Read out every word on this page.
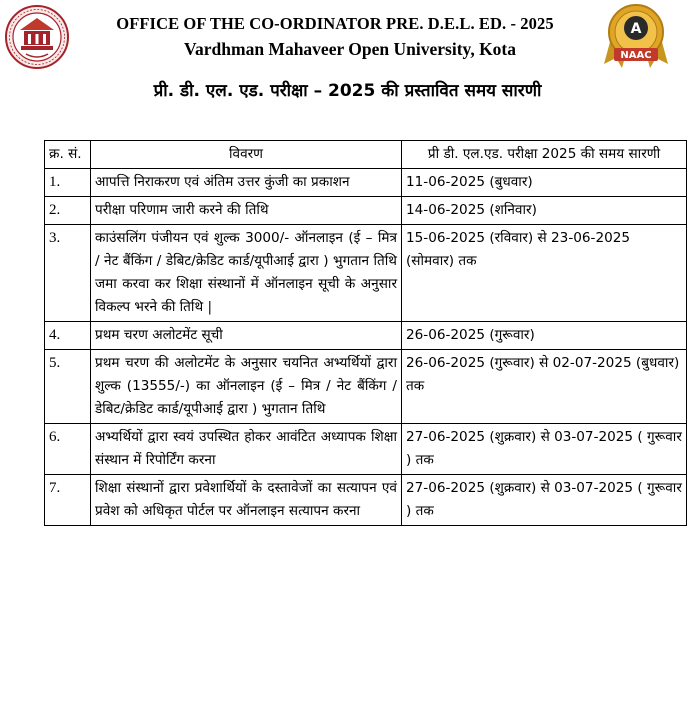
OFFICE OF THE CO-ORDINATOR PRE. D.E.L. ED. - 2025
Vardhman Mahaveer Open University, Kota
A
NAAC
प्री. डी. एल. एड. परीक्षा – 2025 की प्रस्तावित समय सारणी
क्र. सं.	विवरण	प्री डी. एल.एड. परीक्षा 2025 की समय सारणी
1.	आपत्ति निराकरण एवं अंतिम उत्तर कुंजी का प्रकाशन	11-06-2025 (बुधवार)
2.	परीक्षा परिणाम जारी करने की तिथि	14-06-2025 (शनिवार)
3.	काउंसलिंग पंजीयन एवं शुल्क 3000/- ऑनलाइन (ई – मित्र / नेट बैंकिंग / डेबिट/क्रेडिट कार्ड/यूपीआई द्वारा ) भुगतान तिथि जमा करवा कर शिक्षा संस्थानों में ऑनलाइन सूची के अनुसार विकल्प भरने की तिथि |	15-06-2025 (रविवार) से 23-06-2025 (सोमवार) तक
4.	प्रथम चरण अलोटमेंट सूची	26-06-2025 (गुरूवार)
5.	प्रथम चरण की अलोटमेंट के अनुसार चयनित अभ्यर्थियों द्वारा शुल्क (13555/-) का ऑनलाइन (ई – मित्र / नेट बैंकिंग / डेबिट/क्रेडिट कार्ड/यूपीआई द्वारा ) भुगतान तिथि	26-06-2025 (गुरूवार) से 02-07-2025 (बुधवार) तक
6.	अभ्यर्थियों द्वारा स्वयं उपस्थित होकर आवंटित अध्यापक शिक्षा संस्थान में रिपोर्टिंग करना	27-06-2025 (शुक्रवार) से 03-07-2025 ( गुरूवार ) तक
7.	शिक्षा संस्थानों द्वारा प्रवेशार्थियों के दस्तावेजों का सत्यापन एवं प्रवेश को अधिकृत पोर्टल पर ऑनलाइन सत्यापन करना	27-06-2025 (शुक्रवार) से 03-07-2025 ( गुरूवार ) तक
